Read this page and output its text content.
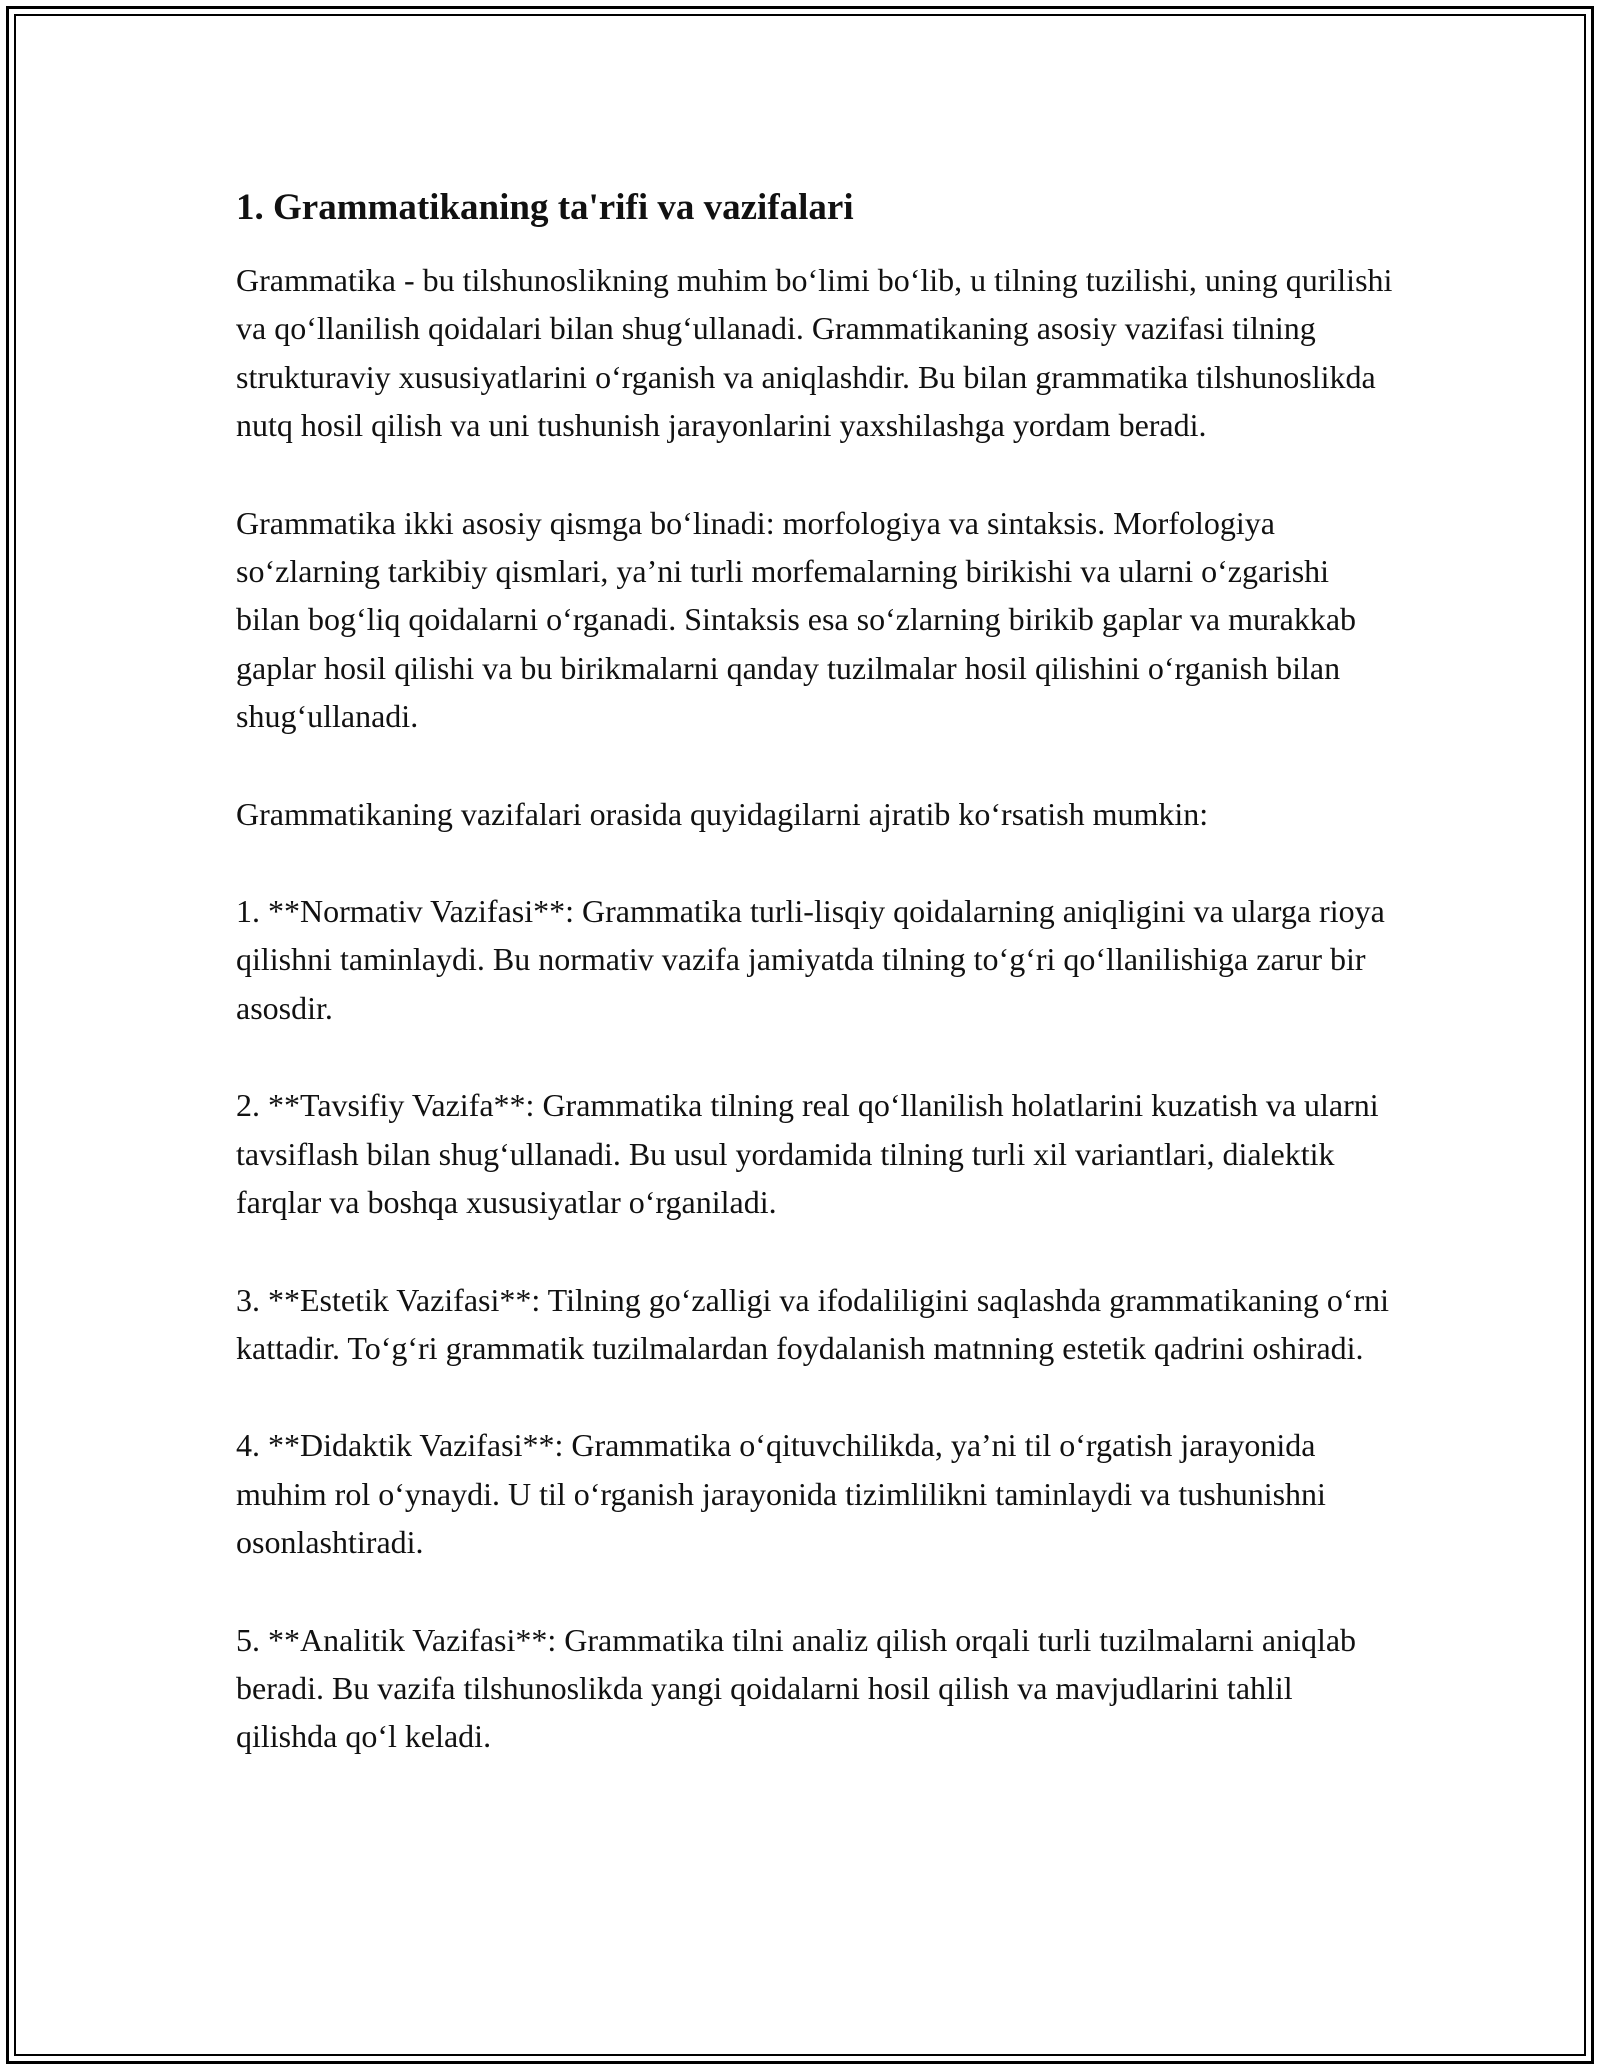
1. Grammatikaning ta'rifi va vazifalari

Grammatika - bu tilshunoslikning muhim bo‘limi bo‘lib, u tilning tuzilishi, uning qurilishi va qo‘llanilish qoidalari bilan shug‘ullanadi. Grammatikaning asosiy vazifasi tilning strukturaviy xususiyatlarini o‘rganish va aniqlashdir. Bu bilan grammatika tilshunoslikda nutq hosil qilish va uni tushunish jarayonlarini yaxshilashga yordam beradi.

Grammatika ikki asosiy qismga bo‘linadi: morfologiya va sintaksis. Morfologiya so‘zlarning tarkibiy qismlari, ya’ni turli morfemalarning birikishi va ularni o‘zgarishi bilan bog‘liq qoidalarni o‘rganadi. Sintaksis esa so‘zlarning birikib gaplar va murakkab gaplar hosil qilishi va bu birikmalarni qanday tuzilmalar hosil qilishini o‘rganish bilan shug‘ullanadi.

Grammatikaning vazifalari orasida quyidagilarni ajratib ko‘rsatish mumkin:

1. **Normativ Vazifasi**: Grammatika turli-lisqiy qoidalarning aniqligini va ularga rioya qilishni taminlaydi. Bu normativ vazifa jamiyatda tilning to‘g‘ri qo‘llanilishiga zarur bir asosdir.

2. **Tavsifiy Vazifa**: Grammatika tilning real qo‘llanilish holatlarini kuzatish va ularni tavsiflash bilan shug‘ullanadi. Bu usul yordamida tilning turli xil variantlari, dialektik farqlar va boshqa xususiyatlar o‘rganiladi.

3. **Estetik Vazifasi**: Tilning go‘zalligi va ifodaliligini saqlashda grammatikaning o‘rni kattadir. To‘g‘ri grammatik tuzilmalardan foydalanish matnning estetik qadrini oshiradi.

4. **Didaktik Vazifasi**: Grammatika o‘qituvchilikda, ya’ni til o‘rgatish jarayonida muhim rol o‘ynaydi. U til o‘rganish jarayonida tizimlilikni taminlaydi va tushunishni osonlashtiradi.

5. **Analitik Vazifasi**: Grammatika tilni analiz qilish orqali turli tuzilmalarni aniqlab beradi. Bu vazifa tilshunoslikda yangi qoidalarni hosil qilish va mavjudlarini tahlil qilishda qo‘l keladi.
